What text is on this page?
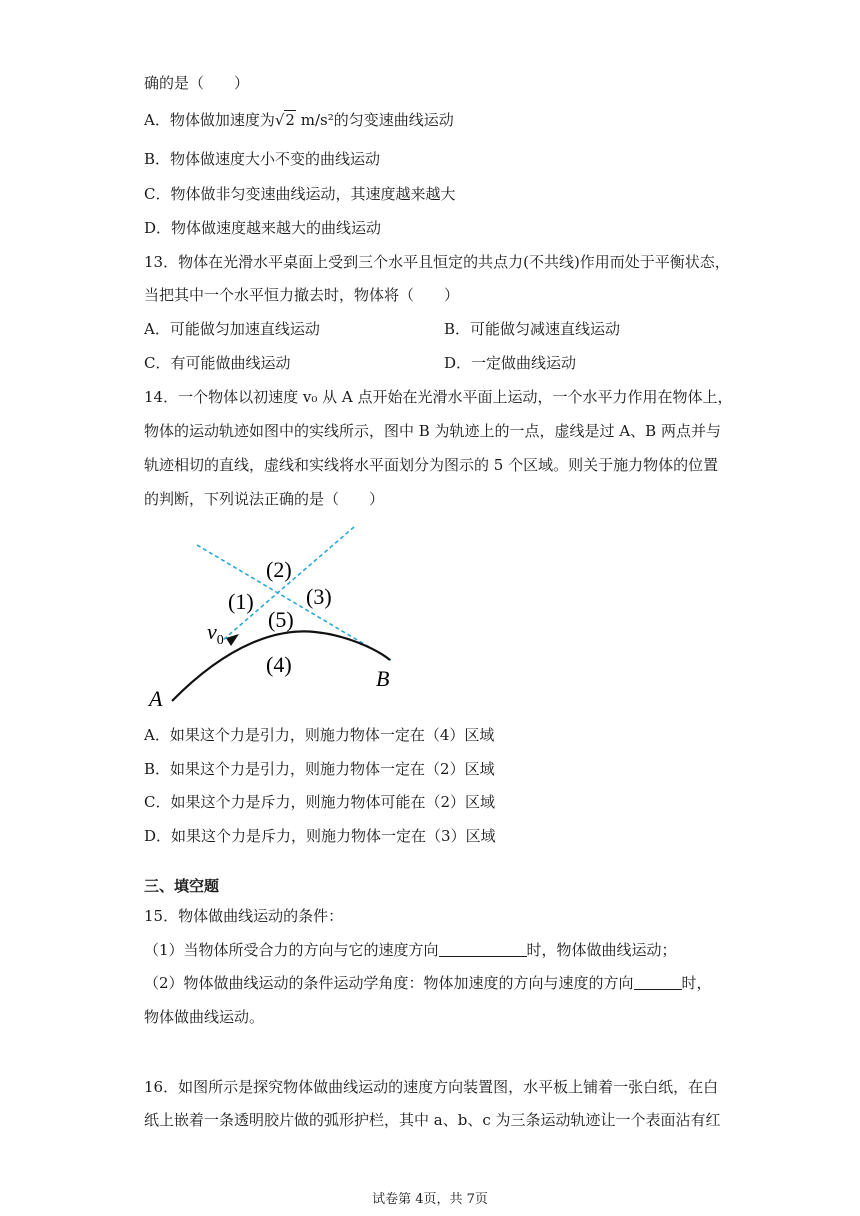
确的是（　　）
A．物体做加速度为√2 m/s²的匀变速曲线运动
B．物体做速度大小不变的曲线运动
C．物体做非匀变速曲线运动，其速度越来越大
D．物体做速度越来越大的曲线运动
13．物体在光滑水平桌面上受到三个水平且恒定的共点力(不共线)作用而处于平衡状态，
当把其中一个水平恒力撤去时，物体将（　　）
A．可能做匀加速直线运动	B．可能做匀减速直线运动
C．有可能做曲线运动	D．一定做曲线运动
14．一个物体以初速度 v₀ 从 A 点开始在光滑水平面上运动，一个水平力作用在物体上，
物体的运动轨迹如图中的实线所示，图中 B 为轨迹上的一点，虚线是过 A、B 两点并与
轨迹相切的直线，虚线和实线将水平面划分为图示的 5 个区域。则关于施力物体的位置
的判断，下列说法正确的是（　　）
(2)
(1) (3)
(5)
(4)
$v_0$
A
B
A．如果这个力是引力，则施力物体一定在（4）区域
B．如果这个力是引力，则施力物体一定在（2）区域
C．如果这个力是斥力，则施力物体可能在（2）区域
D．如果这个力是斥力，则施力物体一定在（3）区域
三、填空题
15．物体做曲线运动的条件：
（1）当物体所受合力的方向与它的速度方向	时，物体做曲线运动；
（2）物体做曲线运动的条件运动学角度：物体加速度的方向与速度的方向	时，
物体做曲线运动。
16．如图所示是探究物体做曲线运动的速度方向装置图，水平板上铺着一张白纸，在白
纸上嵌着一条透明胶片做的弧形护栏，其中 a、b、c 为三条运动轨迹让一个表面沾有红
试卷第 4页，共 7页
